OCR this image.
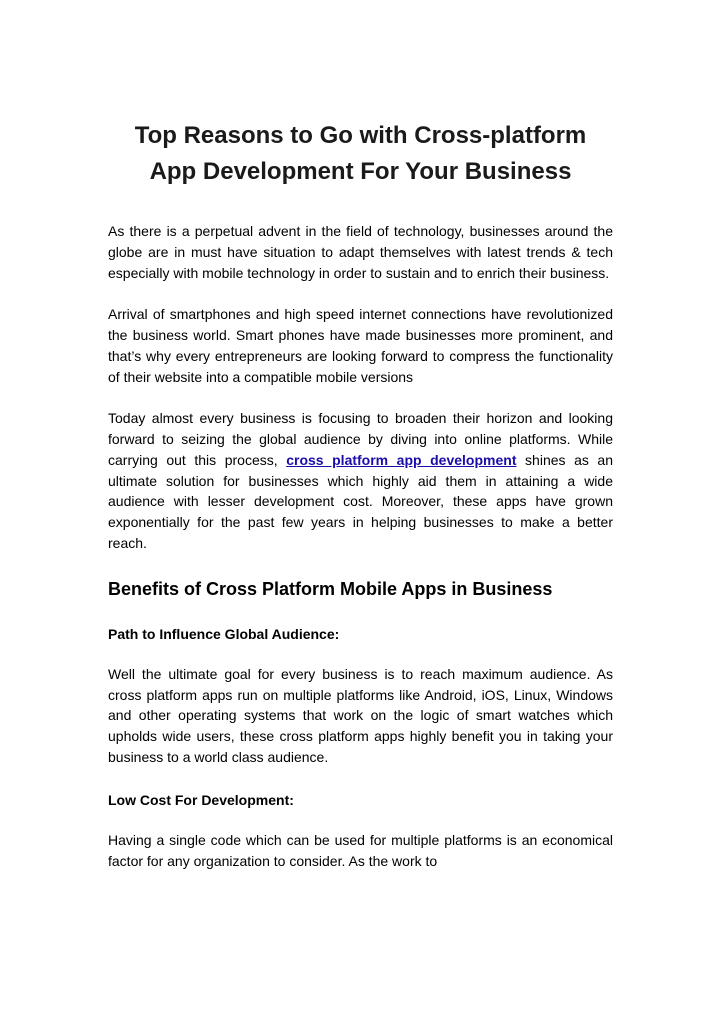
Top Reasons to Go with Cross-platform
App Development For Your Business

As there is a perpetual advent in the field of technology, businesses around the globe are in must have situation to adapt themselves with latest trends & tech especially with mobile technology in order to sustain and to enrich their business.

Arrival of smartphones and high speed internet connections have revolutionized the business world. Smart phones have made businesses more prominent, and that’s why every entrepreneurs are looking forward to compress the functionality of their website into a compatible mobile versions

Today almost every business is focusing to broaden their horizon and looking forward to seizing the global audience by diving into online platforms. While carrying out this process, cross platform app development shines as an ultimate solution for businesses which highly aid them in attaining a wide audience with lesser development cost. Moreover, these apps have grown exponentially for the past few years in helping businesses to make a better reach.

Benefits of Cross Platform Mobile Apps in Business
Path to Influence Global Audience:

Well the ultimate goal for every business is to reach maximum audience. As cross platform apps run on multiple platforms like Android, iOS, Linux, Windows and other operating systems that work on the logic of smart watches which upholds wide users, these cross platform apps highly benefit you in taking your business to a world class audience.

Low Cost For Development:

Having a single code which can be used for multiple platforms is an economical factor for any organization to consider. As the work to
